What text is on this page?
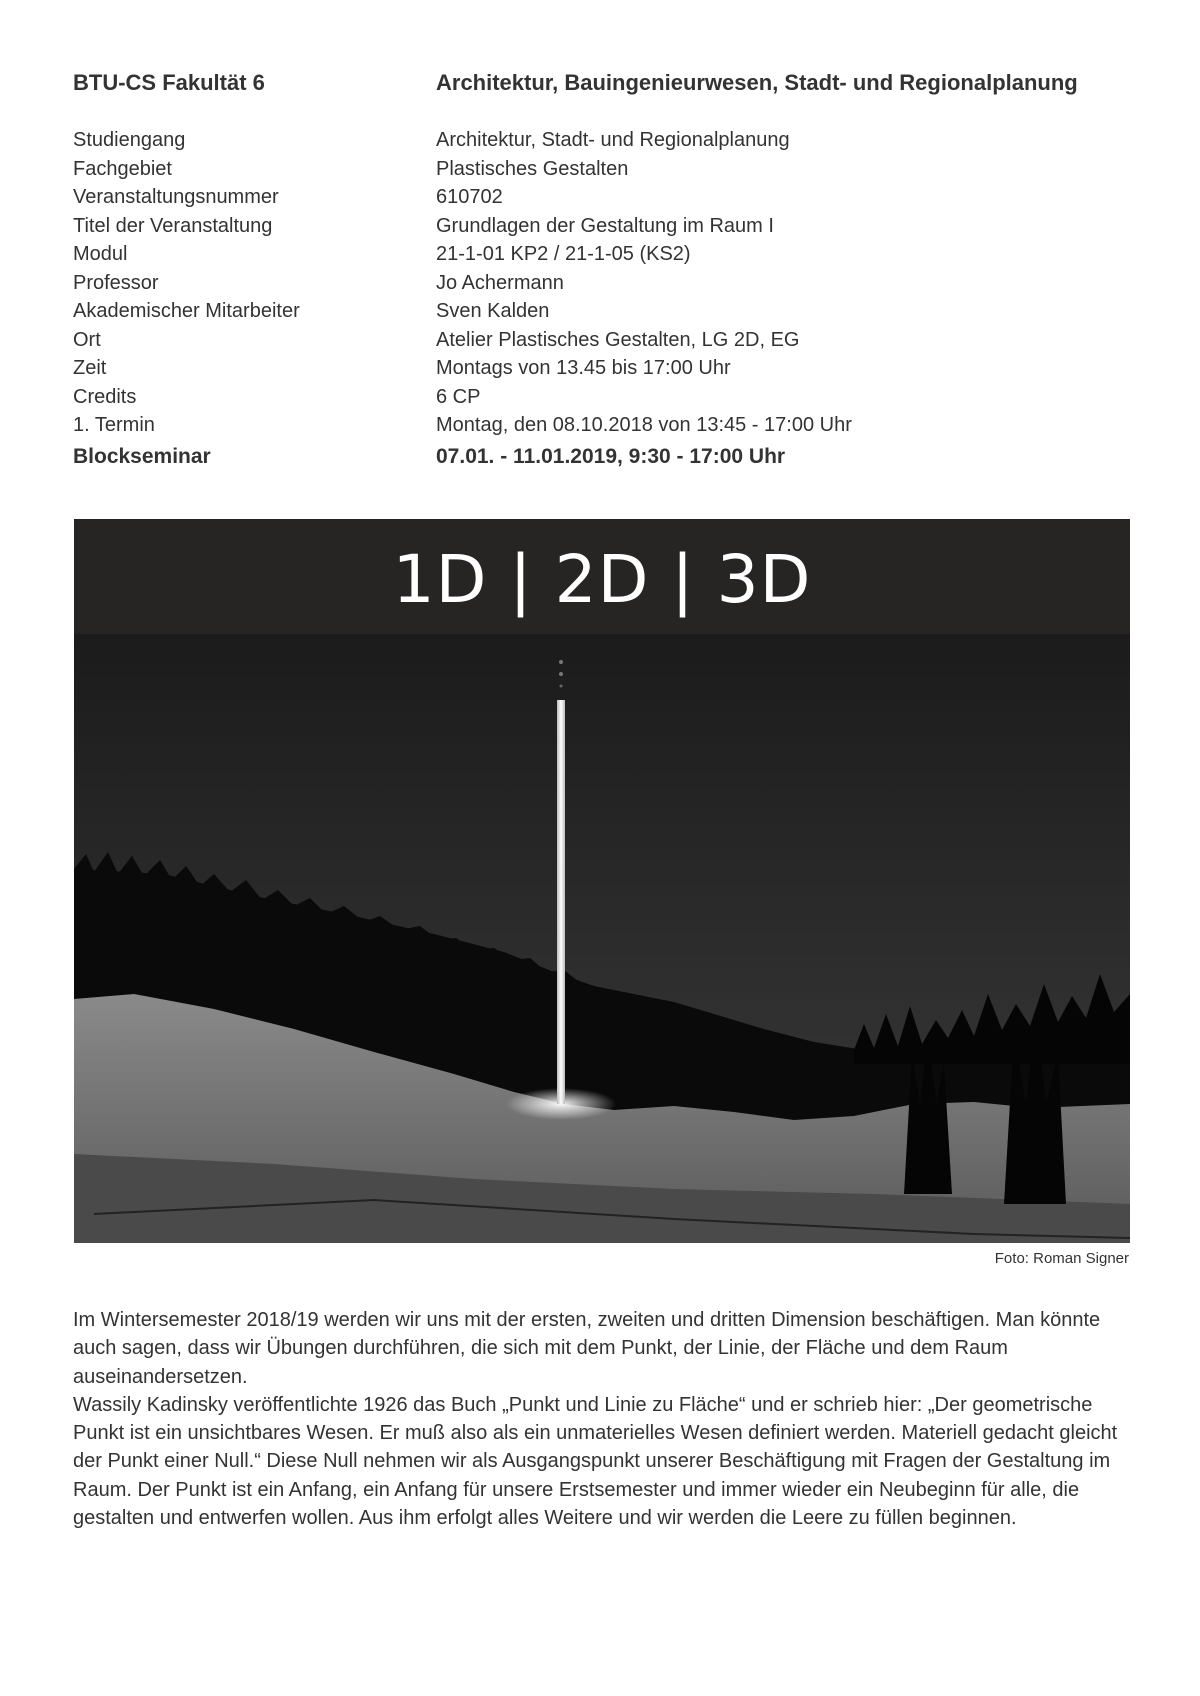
BTU-CS Fakultät 6	Architektur, Bauingenieurwesen, Stadt- und Regionalplanung
Studiengang	Architektur, Stadt- und Regionalplanung
Fachgebiet	Plastisches Gestalten
Veranstaltungsnummer	610702
Titel der Veranstaltung	Grundlagen der Gestaltung im Raum I
Modul	21-1-01 KP2 / 21-1-05 (KS2)
Professor	Jo Achermann
Akademischer Mitarbeiter	Sven Kalden
Ort	Atelier Plastisches Gestalten, LG 2D, EG
Zeit	Montags von 13.45 bis 17:00 Uhr
Credits	6 CP
1. Termin	Montag, den 08.10.2018 von 13:45 - 17:00 Uhr
Blockseminar	07.01. - 11.01.2019, 9:30 - 17:00 Uhr
1D | 2D | 3D
Foto: Roman Signer

Im Wintersemester 2018/19 werden wir uns mit der ersten, zweiten und dritten Dimension beschäftigen. Man könnte auch sagen, dass wir Übungen durchführen, die sich mit dem Punkt, der Linie, der Fläche und dem Raum auseinandersetzen.

Wassily Kadinsky veröffentlichte 1926 das Buch „Punkt und Linie zu Fläche“ und er schrieb hier: „Der geometrische Punkt ist ein unsichtbares Wesen. Er muß also als ein unmaterielles Wesen definiert werden. Materiell gedacht gleicht der Punkt einer Null.“ Diese Null nehmen wir als Ausgangspunkt unserer Beschäftigung mit Fragen der Gestaltung im Raum. Der Punkt ist ein Anfang, ein Anfang für unsere Erstsemester und immer wieder ein Neubeginn für alle, die gestalten und entwerfen wollen. Aus ihm erfolgt alles Weitere und wir werden die Leere zu füllen beginnen.
